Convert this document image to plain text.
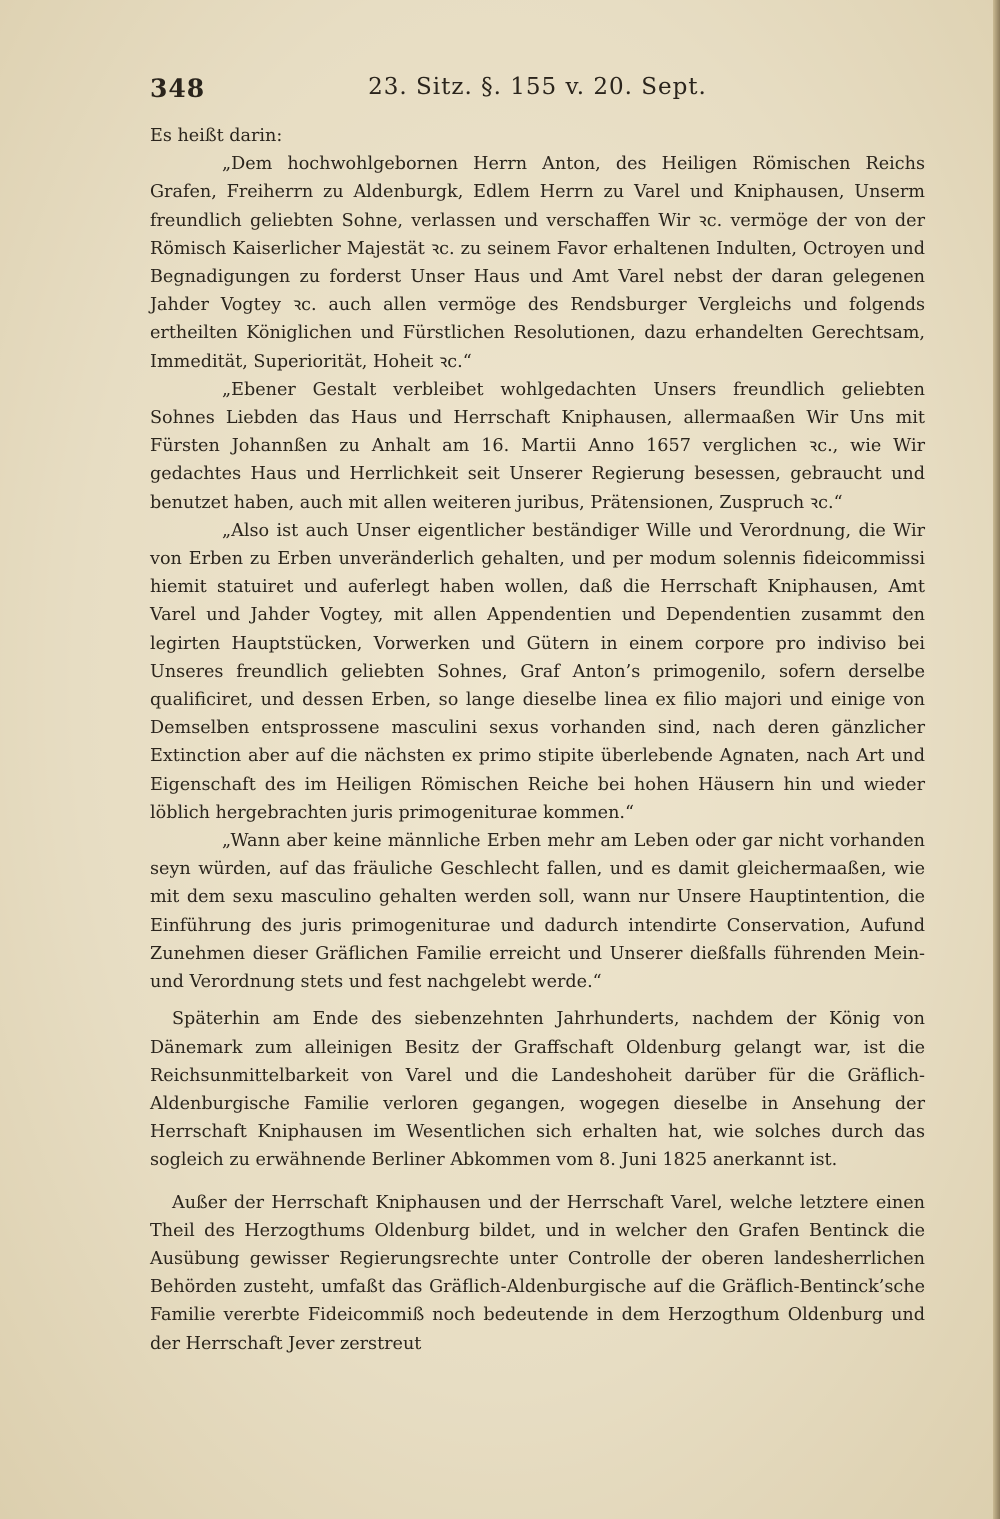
348	23. Sitz. §. 155 v. 20. Sept.

Es heißt darin:

„Dem hochwohlgebornen Herrn Anton, des Heiligen Römischen Reichs Grafen, Freiherrn zu Aldenburgk, Edlem Herrn zu Varel und Kniphausen, Unserm freundlich geliebten Sohne, verlassen und verschaffen Wir ꝛc. vermöge der von der Römisch Kaiserlicher Majestät ꝛc. zu seinem Favor erhaltenen Indulten, Octroyen und Begnadigungen zu forderst Unser Haus und Amt Varel nebst der daran gelegenen Jahder Vogtey ꝛc. auch allen vermöge des Rendsburger Vergleichs und folgends ertheilten Königlichen und Fürstlichen Resolutionen, dazu erhandelten Gerechtsam, Immedität, Superiorität, Hoheit ꝛc.“

„Ebener Gestalt verbleibet wohlgedachten Unsers freundlich geliebten Sohnes Liebden das Haus und Herrschaft Kniphausen, allermaaßen Wir Uns mit Fürsten Johannßen zu Anhalt am 16. Martii Anno 1657 verglichen ꝛc., wie Wir gedachtes Haus und Herrlichkeit seit Unserer Regierung besessen, gebraucht und benutzet haben, auch mit allen weiteren juribus, Prätensionen, Zuspruch ꝛc.“

„Also ist auch Unser eigentlicher beständiger Wille und Verordnung, die Wir von Erben zu Erben unveränderlich gehalten, und per modum solennis fideicommissi hiemit statuiret und auferlegt haben wollen, daß die Herrschaft Kniphausen, Amt Varel und Jahder Vogtey, mit allen Appendentien und Dependentien zusammt den legirten Hauptstücken, Vorwerken und Gütern in einem corpore pro indiviso bei Unseres freundlich geliebten Sohnes, Graf Anton’s primogenilo, sofern derselbe qualificiret, und dessen Erben, so lange dieselbe linea ex filio majori und einige von Demselben entsprossene masculini sexus vorhanden sind, nach deren gänzlicher Extinction aber auf die nächsten ex primo stipite überlebende Agnaten, nach Art und Eigenschaft des im Heiligen Römischen Reiche bei hohen Häusern hin und wieder löblich hergebrachten juris primogenituraе kommen.“

„Wann aber keine männliche Erben mehr am Leben oder gar nicht vorhanden seyn würden, auf das fräuliche Geschlecht fallen, und es damit gleichermaaßen, wie mit dem sexu masculino gehalten werden soll, wann nur Unsere Hauptintention, die Einführung des juris primogeniturae und dadurch intendirte Conservation, Aufund Zunehmen dieser Gräflichen Familie erreicht und Unserer dießfalls führenden Mein- und Verordnung stets und fest nachgelebt werde.“

Späterhin am Ende des siebenzehnten Jahrhunderts, nachdem der König von Dänemark zum alleinigen Besitz der Graffschaft Oldenburg gelangt war, ist die Reichsunmittelbarkeit von Varel und die Landeshoheit darüber für die Gräflich-Aldenburgische Familie verloren gegangen, wogegen dieselbe in Ansehung der Herrschaft Kniphausen im Wesentlichen sich erhalten hat, wie solches durch das sogleich zu erwähnende Berliner Abkommen vom 8. Juni 1825 anerkannt ist.

Außer der Herrschaft Kniphausen und der Herrschaft Varel, welche letztere einen Theil des Herzogthums Oldenburg bildet, und in welcher den Grafen Bentinck die Ausübung gewisser Regierungsrechte unter Controlle der oberen landesherrlichen Behörden zusteht, umfaßt das Gräflich-Aldenburgische auf die Gräflich-Bentinck’sche Familie vererbte Fideicommiß noch bedeutende in dem Herzogthum Oldenburg und der Herrschaft Jever zerstreut
